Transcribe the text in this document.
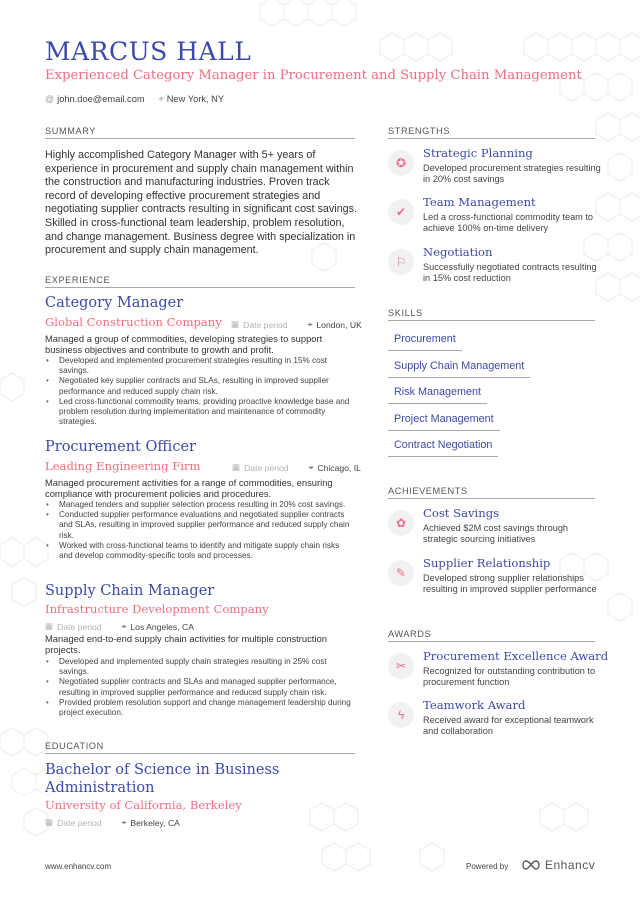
MARCUS HALL
Experienced Category Manager in Procurement and Supply Chain Management
@ john.doe@email.com ⌖ New York, NY
SUMMARY
Highly accomplished Category Manager with 5+ years of experience in procurement and supply chain management within the construction and manufacturing industries. Proven track record of developing effective procurement strategies and negotiating supplier contracts resulting in significant cost savings. Skilled in cross-functional team leadership, problem resolution, and change management. Business degree with specialization in procurement and supply chain management.
EXPERIENCE
Category Manager
Global Construction Company ▦ Date period ⌖ London, UK
Managed a group of commodities, developing strategies to support business objectives and contribute to growth and profit.
• Developed and implemented procurement strategies resulting in 15% cost savings.
• Negotiated key supplier contracts and SLAs, resulting in improved supplier performance and reduced supply chain risk.
• Led cross-functional commodity teams, providing proactive knowledge base and problem resolution during implementation and maintenance of commodity strategies.
Procurement Officer
Leading Engineering Firm	▦ Date period ⌖ Chicago, IL
Managed procurement activities for a range of commodities, ensuring compliance with procurement policies and procedures.
• Managed tenders and supplier selection process resulting in 20% cost savings.
• Conducted supplier performance evaluations and negotiated supplier contracts and SLAs, resulting in improved supplier performance and reduced supply chain risk.
• Worked with cross-functional teams to identify and mitigate supply chain risks and develop commodity-specific tools and processes.
Supply Chain Manager
Infrastructure Development Company
▦ Date period ⌖ Los Angeles, CA
Managed end-to-end supply chain activities for multiple construction projects.
• Developed and implemented supply chain strategies resulting in 25% cost savings.
• Negotiated supplier contracts and SLAs and managed supplier performance, resulting in improved supplier performance and reduced supply chain risk.
• Provided problem resolution support and change management leadership during project execution.
EDUCATION
Bachelor of Science in Business Administration
University of California, Berkeley
▦ Date period ⌖ Berkeley, CA
STRENGTHS
✪
Strategic Planning
Developed procurement strategies resulting in 20% cost savings
✔
Team Management
Led a cross-functional commodity team to achieve 100% on-time delivery
⚐
Negotiation
Successfully negotiated contracts resulting in 15% cost reduction
SKILLS
Procurement
Supply Chain Management
Risk Management
Project Management
Contract Negotiation
ACHIEVEMENTS
✿
Cost Savings
Achieved $2M cost savings through strategic sourcing initiatives
✎
Supplier Relationship
Developed strong supplier relationships resulting in improved supplier performance
AWARDS
✂
Procurement Excellence Award
Recognized for outstanding contribution to procurement function
ϟ
Teamwork Award
Received award for exceptional teamwork and collaboration
www.enhancv.com	Powered by	Enhancv
